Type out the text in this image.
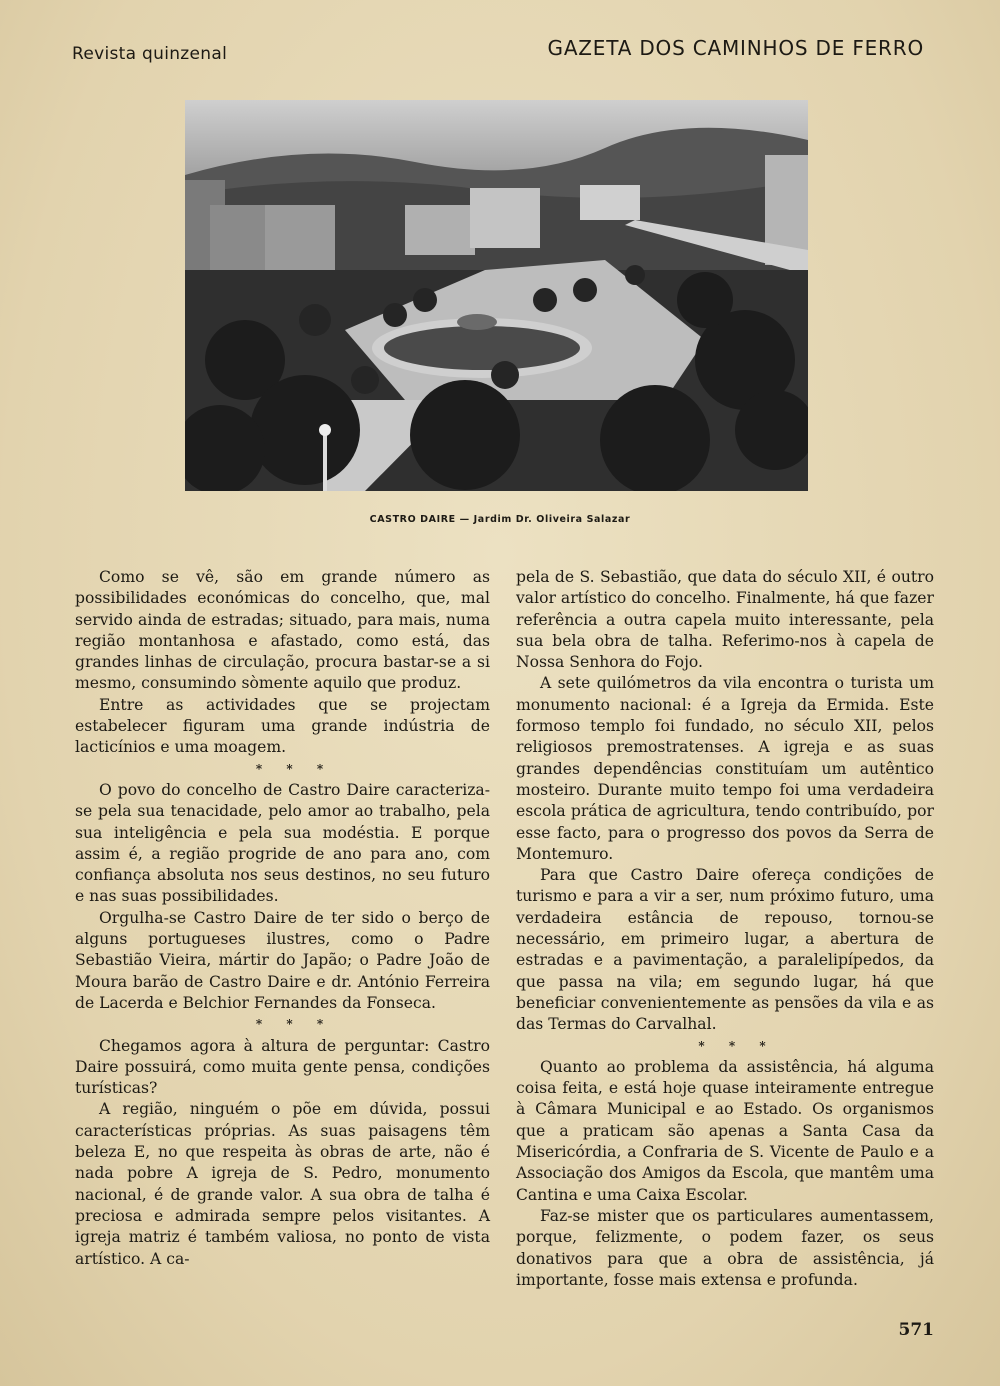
Revista quinzenal	GAZETA DOS CAMINHOS DE FERRO
CASTRO DAIRE — Jardim Dr. Oliveira Salazar

Como se vê, são em grande número as possibilidades económicas do concelho, que, mal servido ainda de estradas; situado, para mais, numa região montanhosa e afastado, como está, das grandes linhas de circulação, procura bastar-se a si mesmo, consumindo sòmente aquilo que produz.

Entre as actividades que se projectam estabelecer figuram uma grande indústria de lacticínios e uma moagem.

* * *

O povo do concelho de Castro Daire caracteriza-se pela sua tenacidade, pelo amor ao trabalho, pela sua inteligência e pela sua modéstia. E porque assim é, a região progride de ano para ano, com confiança absoluta nos seus destinos, no seu futuro e nas suas possibilidades.

Orgulha-se Castro Daire de ter sido o berço de alguns portugueses ilustres, como o Padre Sebastião Vieira, mártir do Japão; o Padre João de Moura barão de Castro Daire e dr. António Ferreira de Lacerda e Belchior Fernandes da Fonseca.

* * *

Chegamos agora à altura de perguntar: Castro Daire possuirá, como muita gente pensa, condições turísticas?

A região, ninguém o põe em dúvida, possui características próprias. As suas paisagens têm beleza E, no que respeita às obras de arte, não é nada pobre A igreja de S. Pedro, monumento nacional, é de grande valor. A sua obra de talha é preciosa e admirada sempre pelos visitantes. A igreja matriz é também valiosa, no ponto de vista artístico. A ca-

pela de S. Sebastião, que data do século XII, é outro valor artístico do concelho. Finalmente, há que fazer referência a outra capela muito interessante, pela sua bela obra de talha. Referimo-nos à capela de Nossa Senhora do Fojo.

A sete quilómetros da vila encontra o turista um monumento nacional: é a Igreja da Ermida. Este formoso templo foi fundado, no século XII, pelos religiosos premostratenses. A igreja e as suas grandes dependências constituíam um autêntico mosteiro. Durante muito tempo foi uma verdadeira escola prática de agricultura, tendo contribuído, por esse facto, para o progresso dos povos da Serra de Montemuro.

Para que Castro Daire ofereça condições de turismo e para a vir a ser, num próximo futuro, uma verdadeira estância de repouso, tornou-se necessário, em primeiro lugar, a abertura de estradas e a pavimentação, a paralelipípedos, da que passa na vila; em segundo lugar, há que beneficiar convenientemente as pensões da vila e as das Termas do Carvalhal.

* * *

Quanto ao problema da assistência, há alguma coisa feita, e está hoje quase inteiramente entregue à Câmara Municipal e ao Estado. Os organismos que a praticam são apenas a Santa Casa da Misericórdia, a Confraria de S. Vicente de Paulo e a Associação dos Amigos da Escola, que mantêm uma Cantina e uma Caixa Escolar.

Faz-se mister que os particulares aumentassem, porque, felizmente, o podem fazer, os seus donativos para que a obra de assistência, já importante, fosse mais extensa e profunda.

571
